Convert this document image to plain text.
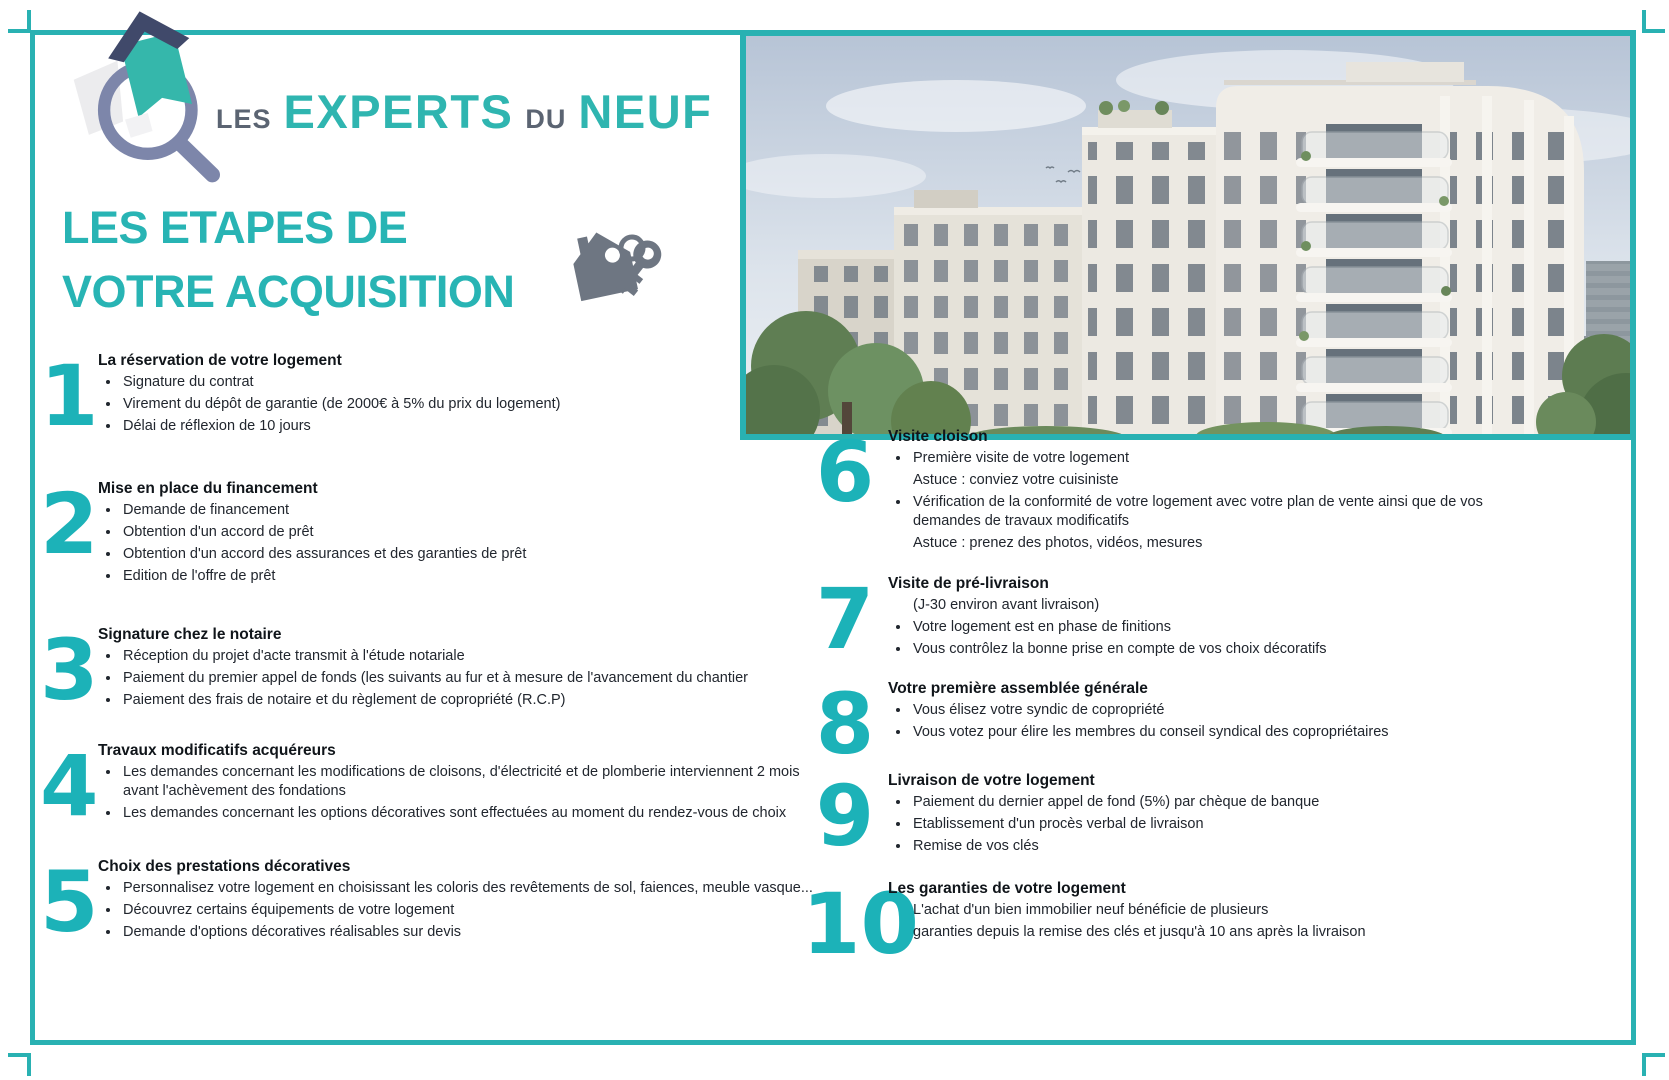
LES EXPERTS DU NEUF
LES ETAPES DE
VOTRE ACQUISITION
1 La réservation de votre logement
• Signature du contrat
• Virement du dépôt de garantie (de 2000€ à 5% du prix du logement)
• Délai de réflexion de 10 jours
2 Mise en place du financement
• Demande de financement
• Obtention d'un accord de prêt
• Obtention d'un accord des assurances et des garanties de prêt
• Edition de l'offre de prêt
3 Signature chez le notaire
• Réception du projet d'acte transmit à l'étude notariale
• Paiement du premier appel de fonds (les suivants au fur et à mesure de l'avancement du chantier
• Paiement des frais de notaire et du règlement de copropriété (R.C.P)
4 Travaux modificatifs acquéreurs
• Les demandes concernant les modifications de cloisons, d'électricité et de plomberie interviennent 2 mois avant l'achèvement des fondations
• Les demandes concernant les options décoratives sont effectuées au moment du rendez-vous de choix
5 Choix des prestations décoratives
• Personnalisez votre logement en choisissant les coloris des revêtements de sol, faiences, meuble vasque...
• Découvrez certains équipements de votre logement
• Demande d'options décoratives réalisables sur devis
6 Visite cloison
• Première visite de votre logement
Astuce : conviez votre cuisiniste
• Vérification de la conformité de votre logement avec votre plan de vente ainsi que de vos demandes de travaux modificatifs
Astuce : prenez des photos, vidéos, mesures
7 Visite de pré-livraison
(J-30 environ avant livraison)
• Votre logement est en phase de finitions
• Vous contrôlez la bonne prise en compte de vos choix décoratifs
8 Votre première assemblée générale
• Vous élisez votre syndic de copropriété
• Vous votez pour élire les membres du conseil syndical des copropriétaires
9 Livraison de votre logement
• Paiement du dernier appel de fond (5%) par chèque de banque
• Etablissement d'un procès verbal de livraison
• Remise de vos clés
10
Les garanties de votre logement
L'achat d'un bien immobilier neuf bénéficie de plusieurs
garanties depuis la remise des clés et jusqu'à 10 ans après la livraison
